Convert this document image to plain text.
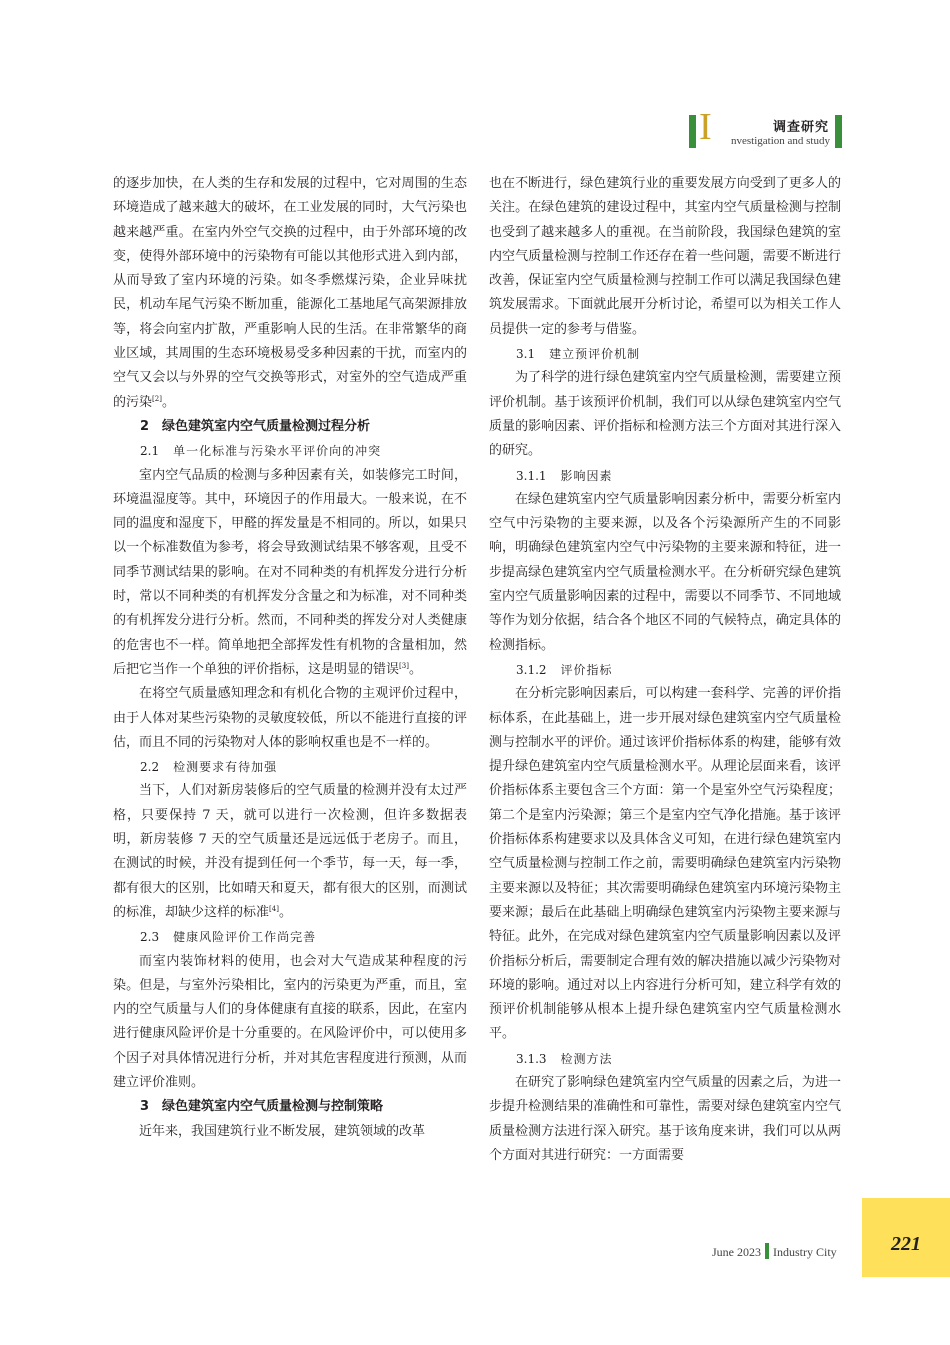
I	调查研究
nvestigation and study

的逐步加快，在人类的生存和发展的过程中，它对周围的生态环境造成了越来越大的破坏，在工业发展的同时，大气污染也越来越严重。在室内外空气交换的过程中，由于外部环境的改变，使得外部环境中的污染物有可能以其他形式进入到内部，从而导致了室内环境的污染。如冬季燃煤污染，企业异味扰民，机动车尾气污染不断加重，能源化工基地尾气高架源排放等，将会向室内扩散，严重影响人民的生活。在非常繁华的商业区域，其周围的生态环境极易受多种因素的干扰，而室内的空气又会以与外界的空气交换等形式，对室外的空气造成严重的污染[2]。

2　绿色建筑室内空气质量检测过程分析
2.1 单一化标准与污染水平评价向的冲突

室内空气品质的检测与多种因素有关，如装修完工时间，环境温湿度等。其中，环境因子的作用最大。一般来说，在不同的温度和湿度下，甲醛的挥发量是不相同的。所以，如果只以一个标准数值为参考，将会导致测试结果不够客观，且受不同季节测试结果的影响。在对不同种类的有机挥发分进行分析时，常以不同种类的有机挥发分含量之和为标准，对不同种类的有机挥发分进行分析。然而，不同种类的挥发分对人类健康的危害也不一样。简单地把全部挥发性有机物的含量相加，然后把它当作一个单独的评价指标，这是明显的错误[3]。

在将空气质量感知理念和有机化合物的主观评价过程中，由于人体对某些污染物的灵敏度较低，所以不能进行直接的评估，而且不同的污染物对人体的影响权重也是不一样的。

2.2 检测要求有待加强

当下，人们对新房装修后的空气质量的检测并没有太过严格，只要保持 7 天，就可以进行一次检测，但许多数据表明，新房装修 7 天的空气质量还是远远低于老房子。而且，在测试的时候，并没有提到任何一个季节，每一天，每一季，都有很大的区别，比如晴天和夏天，都有很大的区别，而测试的标准，却缺少这样的标准[4]。

2.3 健康风险评价工作尚完善

而室内装饰材料的使用，也会对大气造成某种程度的污染。但是，与室外污染相比，室内的污染更为严重，而且，室内的空气质量与人们的身体健康有直接的联系，因此，在室内进行健康风险评价是十分重要的。在风险评价中，可以使用多个因子对具体情况进行分析，并对其危害程度进行预测，从而建立评价准则。

3　绿色建筑室内空气质量检测与控制策略

近年来，我国建筑行业不断发展，建筑领域的改革

也在不断进行，绿色建筑行业的重要发展方向受到了更多人的关注。在绿色建筑的建设过程中，其室内空气质量检测与控制也受到了越来越多人的重视。在当前阶段，我国绿色建筑的室内空气质量检测与控制工作还存在着一些问题，需要不断进行改善，保证室内空气质量检测与控制工作可以满足我国绿色建筑发展需求。下面就此展开分析讨论，希望可以为相关工作人员提供一定的参考与借鉴。

3.1 建立预评价机制

为了科学的进行绿色建筑室内空气质量检测，需要建立预评价机制。基于该预评价机制，我们可以从绿色建筑室内空气质量的影响因素、评价指标和检测方法三个方面对其进行深入的研究。

3.1.1 影响因素

在绿色建筑室内空气质量影响因素分析中，需要分析室内空气中污染物的主要来源，以及各个污染源所产生的不同影响，明确绿色建筑室内空气中污染物的主要来源和特征，进一步提高绿色建筑室内空气质量检测水平。在分析研究绿色建筑室内空气质量影响因素的过程中，需要以不同季节、不同地域等作为划分依据，结合各个地区不同的气候特点，确定具体的检测指标。

3.1.2 评价指标

在分析完影响因素后，可以构建一套科学、完善的评价指标体系，在此基础上，进一步开展对绿色建筑室内空气质量检测与控制水平的评价。通过该评价指标体系的构建，能够有效提升绿色建筑室内空气质量检测水平。从理论层面来看，该评价指标体系主要包含三个方面：第一个是室外空气污染程度；第二个是室内污染源；第三个是室内空气净化措施。基于该评价指标体系构建要求以及具体含义可知，在进行绿色建筑室内空气质量检测与控制工作之前，需要明确绿色建筑室内污染物主要来源以及特征；其次需要明确绿色建筑室内环境污染物主要来源；最后在此基础上明确绿色建筑室内污染物主要来源与特征。此外，在完成对绿色建筑室内空气质量影响因素以及评价指标分析后，需要制定合理有效的解决措施以减少污染物对环境的影响。通过对以上内容进行分析可知，建立科学有效的预评价机制能够从根本上提升绿色建筑室内空气质量检测水平。

3.1.3 检测方法

在研究了影响绿色建筑室内空气质量的因素之后，为进一步提升检测结果的准确性和可靠性，需要对绿色建筑室内空气质量检测方法进行深入研究。基于该角度来讲，我们可以从两个方面对其进行研究：一方面需要

June 2023 Industry City	221
